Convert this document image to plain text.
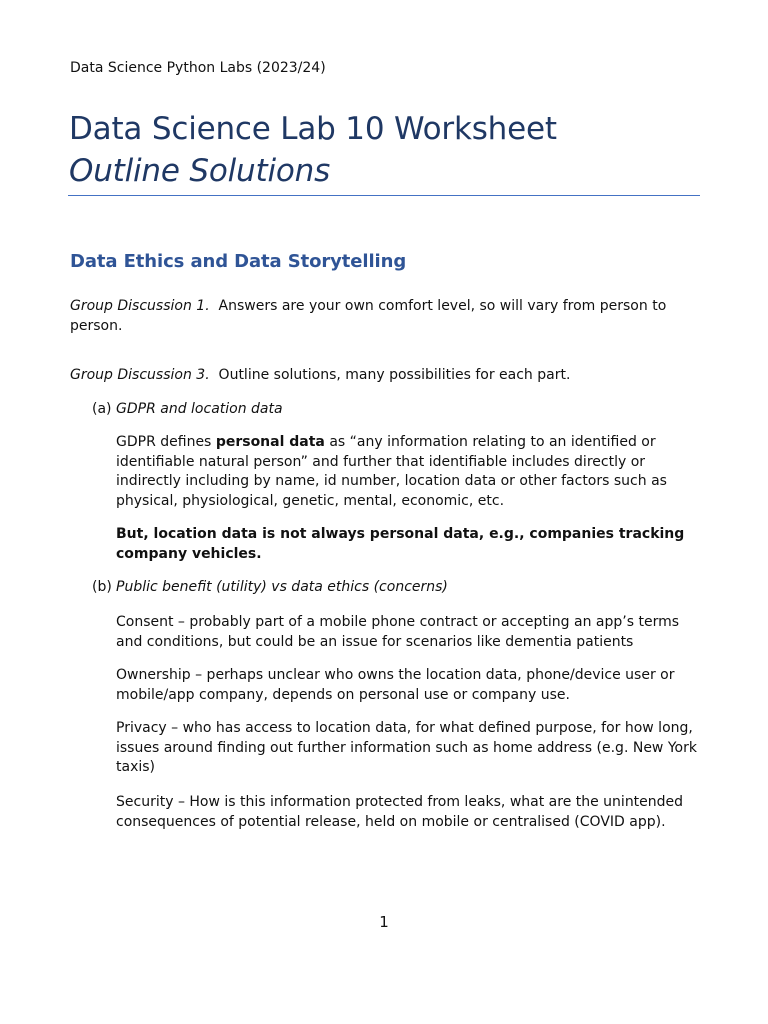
Data Science Python Labs (2023/24)
Data Science Lab 10 Worksheet
Outline Solutions
Data Ethics and Data Storytelling
Group Discussion 1. Answers are your own comfort level, so will vary from person to person.
Group Discussion 3. Outline solutions, many possibilities for each part.
(a) GDPR and location data
GDPR defines personal data as “any information relating to an identified or identifiable natural person” and further that identifiable includes directly or indirectly including by name, id number, location data or other factors such as physical, physiological, genetic, mental, economic, etc.
But, location data is not always personal data, e.g., companies tracking company vehicles.
(b) Public benefit (utility) vs data ethics (concerns)
Consent – probably part of a mobile phone contract or accepting an app’s terms and conditions, but could be an issue for scenarios like dementia patients
Ownership – perhaps unclear who owns the location data, phone/device user or mobile/app company, depends on personal use or company use.
Privacy – who has access to location data, for what defined purpose, for how long, issues around finding out further information such as home address (e.g. New York taxis)
Security – How is this information protected from leaks, what are the unintended consequences of potential release, held on mobile or centralised (COVID app).
1
